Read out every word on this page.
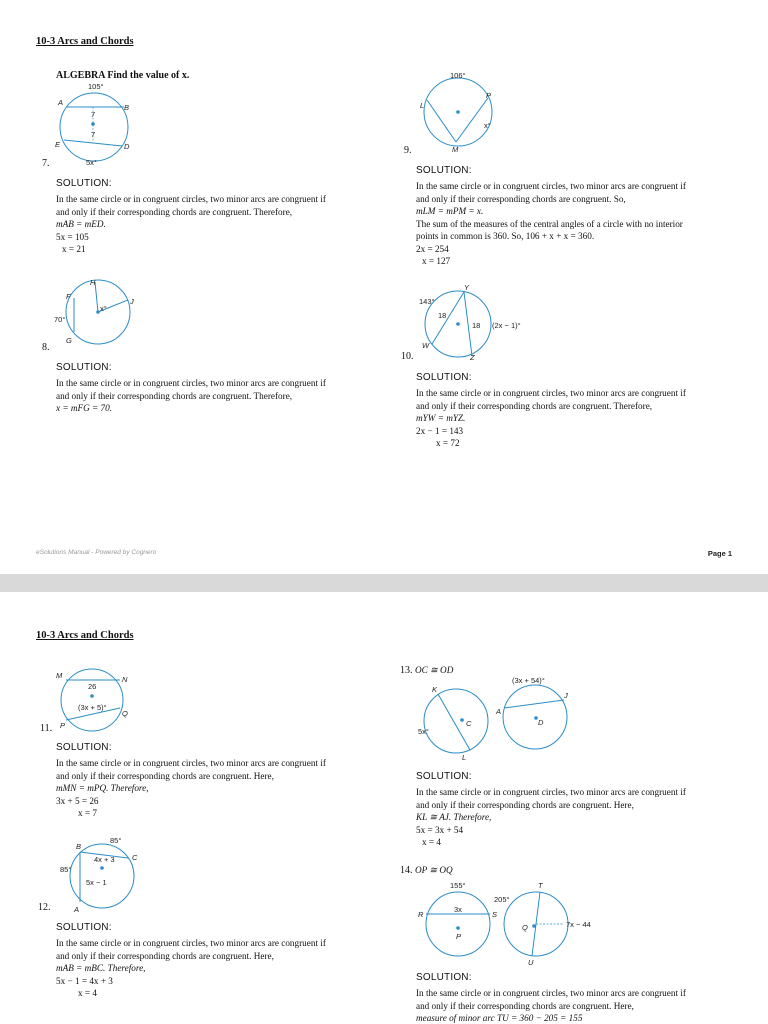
10-3 Arcs and Chords
ALGEBRA Find the value of x.
105°
A
B
7
7
E	D
5x°
7.
SOLUTION:
In the same circle or in congruent circles, two minor arcs are congruent if
and only if their corresponding chords are congruent. Therefore,
mAB = mED.
5x = 105
x = 21
H
F
J
x°
70°
G
8.
SOLUTION:
In the same circle or in congruent circles, two minor arcs are congruent if
and only if their corresponding chords are congruent. Therefore,
x = mFG = 70.
106°
L
P
x°
M
9.
SOLUTION:
In the same circle or in congruent circles, two minor arcs are congruent if
and only if their corresponding chords are congruent. So,
mLM = mPM = x.
The sum of the measures of the central angles of a circle with no interior
points in common is 360. So, 106 + x + x = 360.
2x = 254
x = 127
143°
Y
18
18 (2x − 1)°
W
Z
10.
SOLUTION:
In the same circle or in congruent circles, two minor arcs are congruent if
and only if their corresponding chords are congruent. Therefore,
mYW = mYZ.
2x − 1 = 143
x = 72
eSolutions Manual - Powered by Cognero	Page 1
10-3 Arcs and Chords
M	N
26
(3x + 5)°
P
Q
11.
SOLUTION:
In the same circle or in congruent circles, two minor arcs are congruent if
and only if their corresponding chords are congruent. Here,
mMN = mPQ. Therefore,
3x + 5 = 26
x = 7
85°
B
C
4x + 3
85°
5x − 1
A
12.
SOLUTION:
In the same circle or in congruent circles, two minor arcs are congruent if
and only if their corresponding chords are congruent. Here,
mAB = mBC. Therefore,
5x − 1 = 4x + 3
x = 4
13. OC ≅ OD
(3x + 54)°
K
J
C
A
D
5x°
L
SOLUTION:
In the same circle or in congruent circles, two minor arcs are congruent if
and only if their corresponding chords are congruent. Here,
KL ≅ AJ. Therefore,
5x = 3x + 54
x = 4
14. OP ≅ OQ
155°
205°
T
R
3x
S
P
Q	7x − 44
U
SOLUTION:
In the same circle or in congruent circles, two minor arcs are congruent if
and only if their corresponding chords are congruent. Here,
measure of minor arc TU = 360 − 205 = 155
